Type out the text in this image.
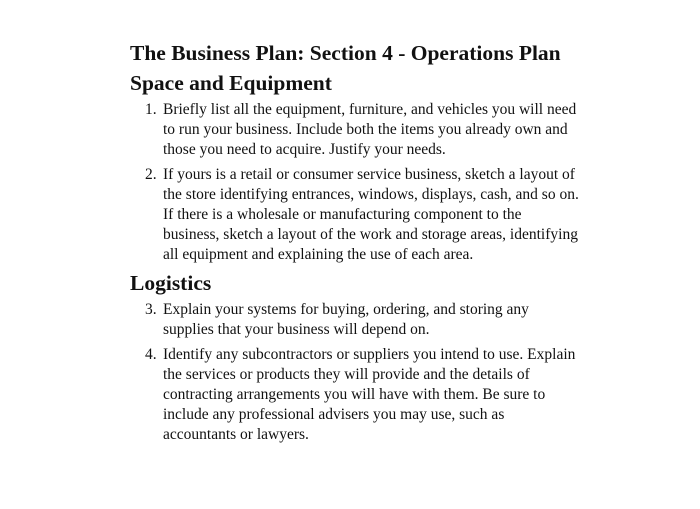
The Business Plan: Section 4 - Operations Plan
Space and Equipment
1. Briefly list all the equipment, furniture, and vehicles you will need to run your business. Include both the items you already own and those you need to acquire. Justify your needs.
2. If yours is a retail or consumer service business, sketch a layout of the store identifying entrances, windows, displays, cash, and so on. If there is a wholesale or manufacturing component to the business, sketch a layout of the work and storage areas, identifying all equipment and explaining the use of each area.
Logistics
3. Explain your systems for buying, ordering, and storing any supplies that your business will depend on.
4. Identify any subcontractors or suppliers you intend to use. Explain the services or products they will provide and the details of contracting arrangements you will have with them. Be sure to include any professional advisers you may use, such as accountants or lawyers.
